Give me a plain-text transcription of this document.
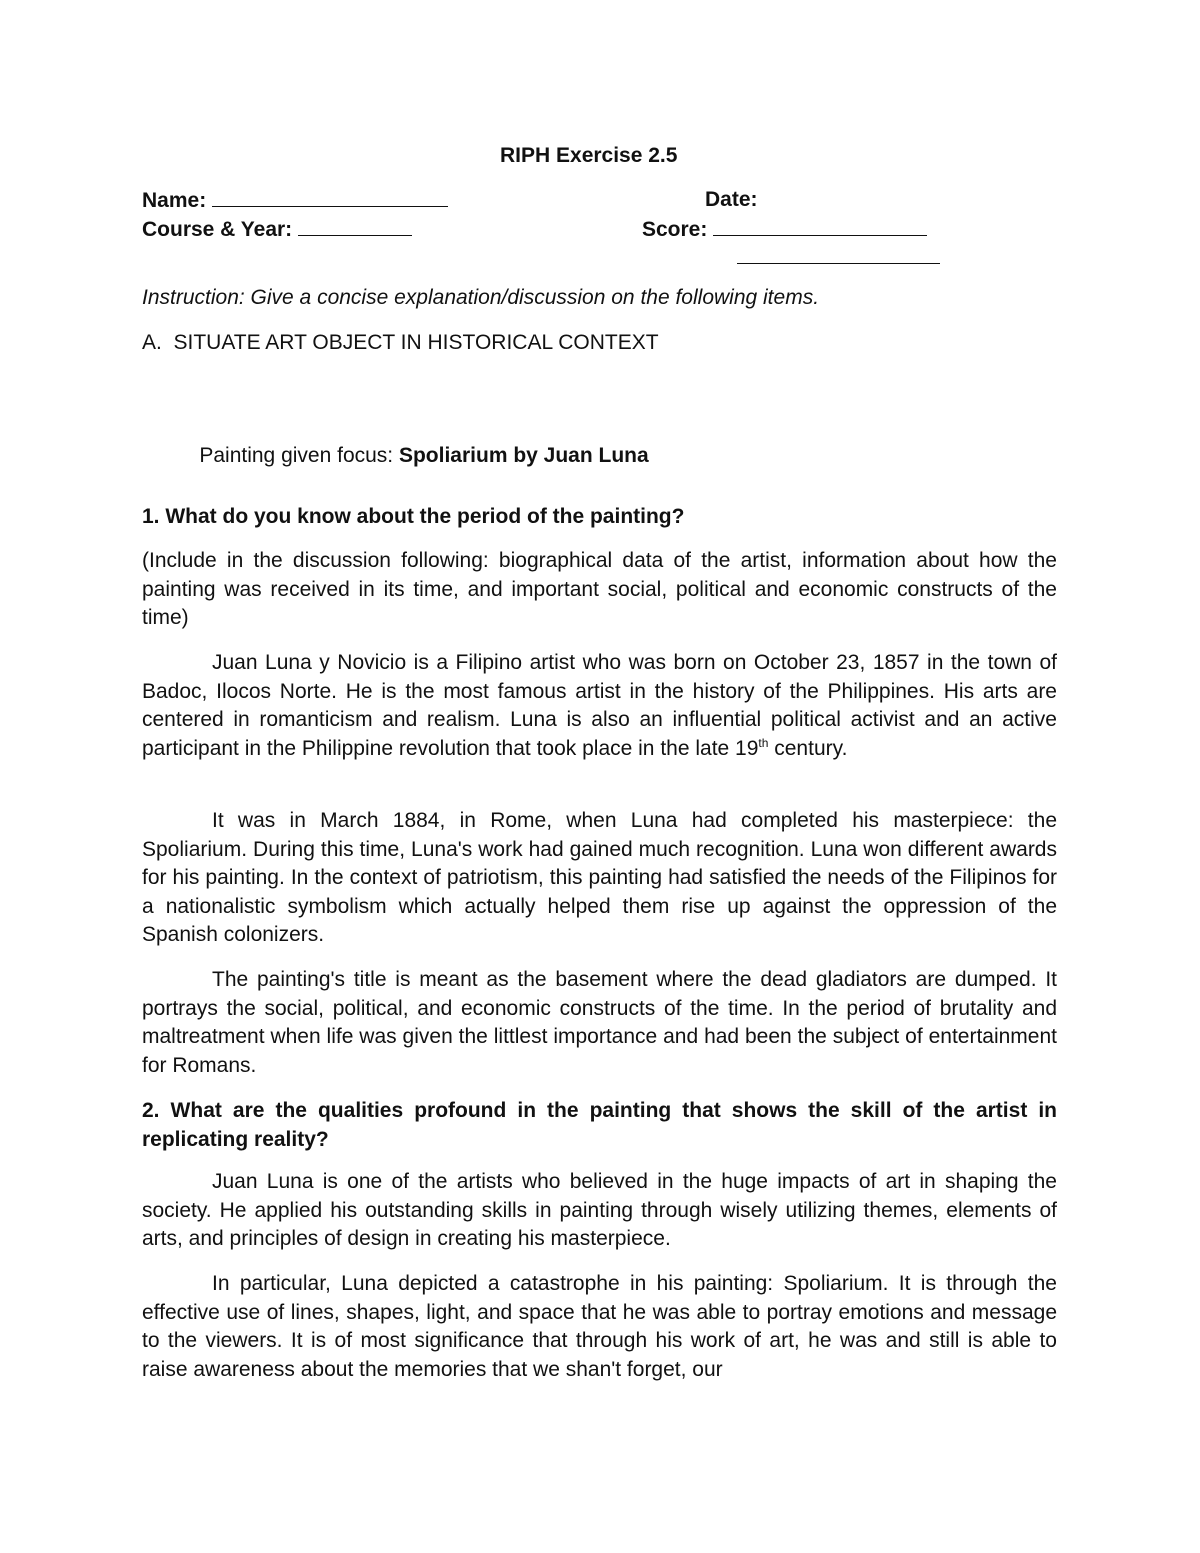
RIPH Exercise 2.5
Name:	Date:
Course & Year:	Score:
Instruction: Give a concise explanation/discussion on the following items.
A.  SITUATE ART OBJECT IN HISTORICAL CONTEXT

Painting given focus: Spoliarium by Juan Luna

1. What do you know about the period of the painting?
(Include in the discussion following: biographical data of the artist, information about how the painting was received in its time, and important social, political and economic constructs of the time)
Juan Luna y Novicio is a Filipino artist who was born on October 23, 1857 in the town of Badoc, Ilocos Norte. He is the most famous artist in the history of the Philippines. His arts are centered in romanticism and realism. Luna is also an influential political activist and an active participant in the Philippine revolution that took place in the late 19th century.
It was in March 1884, in Rome, when Luna had completed his masterpiece: the Spoliarium. During this time, Luna's work had gained much recognition. Luna won different awards for his painting. In the context of patriotism, this painting had satisfied the needs of the Filipinos for a nationalistic symbolism which actually helped them rise up against the oppression of the Spanish colonizers.
The painting's title is meant as the basement where the dead gladiators are dumped. It portrays the social, political, and economic constructs of the time. In the period of brutality and maltreatment when life was given the littlest importance and had been the subject of entertainment for Romans.
2. What are the qualities profound in the painting that shows the skill of the artist in replicating reality?
Juan Luna is one of the artists who believed in the huge impacts of art in shaping the society. He applied his outstanding skills in painting through wisely utilizing themes, elements of arts, and principles of design in creating his masterpiece.
In particular, Luna depicted a catastrophe in his painting: Spoliarium. It is through the effective use of lines, shapes, light, and space that he was able to portray emotions and message to the viewers. It is of most significance that through his work of art, he was and still is able to raise awareness about the memories that we shan't forget, our
